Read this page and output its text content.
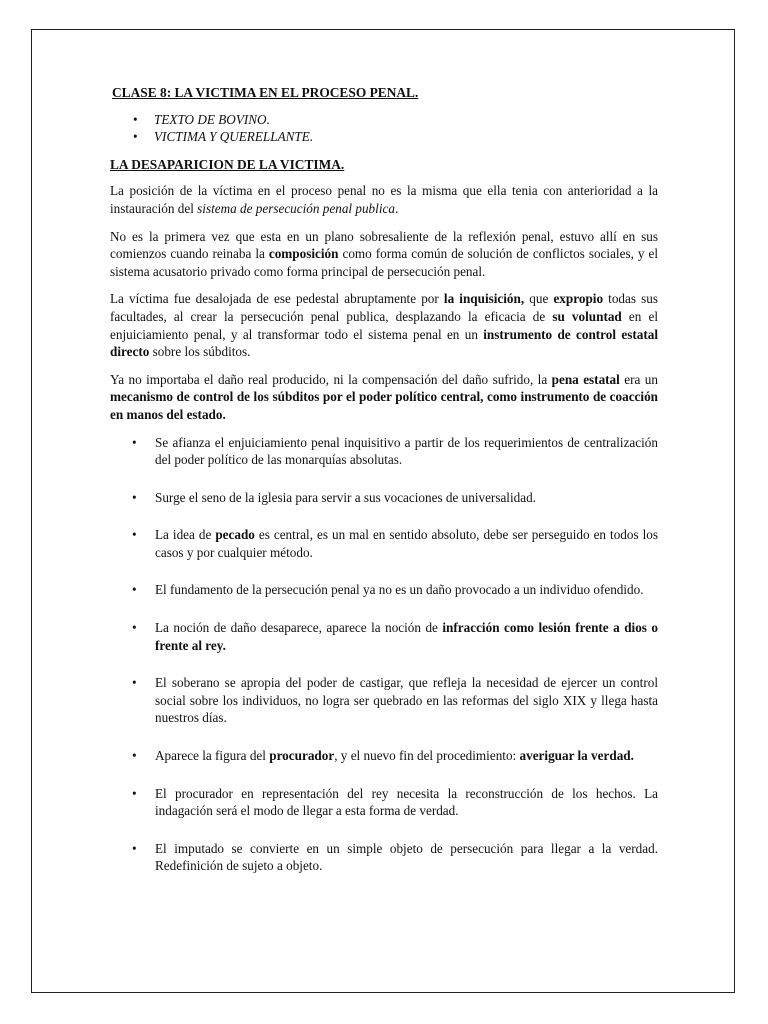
CLASE 8: LA VICTIMA EN EL PROCESO PENAL.
• TEXTO DE BOVINO.
• VICTIMA Y QUERELLANTE.
LA DESAPARICION DE LA VICTIMA.

La posición de la víctima en el proceso penal no es la misma que ella tenia con anterioridad a la instauración del sistema de persecución penal publica.

No es la primera vez que esta en un plano sobresaliente de la reflexión penal, estuvo allí en sus comienzos cuando reinaba la composición como forma común de solución de conflictos sociales, y el sistema acusatorio privado como forma principal de persecución penal.

La víctima fue desalojada de ese pedestal abruptamente por la inquisición, que expropio todas sus facultades, al crear la persecución penal publica, desplazando la eficacia de su voluntad en el enjuiciamiento penal, y al transformar todo el sistema penal en un instrumento de control estatal directo sobre los súbditos.

Ya no importaba el daño real producido, ni la compensación del daño sufrido, la pena estatal era un mecanismo de control de los súbditos por el poder político central, como instrumento de coacción en manos del estado.

• Se afianza el enjuiciamiento penal inquisitivo a partir de los requerimientos de centralización del poder político de las monarquías absolutas.
• Surge el seno de la iglesia para servir a sus vocaciones de universalidad.
• La idea de pecado es central, es un mal en sentido absoluto, debe ser perseguido en todos los casos y por cualquier método.
• El fundamento de la persecución penal ya no es un daño provocado a un individuo ofendido.
• La noción de daño desaparece, aparece la noción de infracción como lesión frente a dios o frente al rey.
• El soberano se apropia del poder de castigar, que refleja la necesidad de ejercer un control social sobre los individuos, no logra ser quebrado en las reformas del siglo XIX y llega hasta nuestros días.
• Aparece la figura del procurador, y el nuevo fin del procedimiento: averiguar la verdad.
• El procurador en representación del rey necesita la reconstrucción de los hechos. La indagación será el modo de llegar a esta forma de verdad.
• El imputado se convierte en un simple objeto de persecución para llegar a la verdad. Redefinición de sujeto a objeto.
